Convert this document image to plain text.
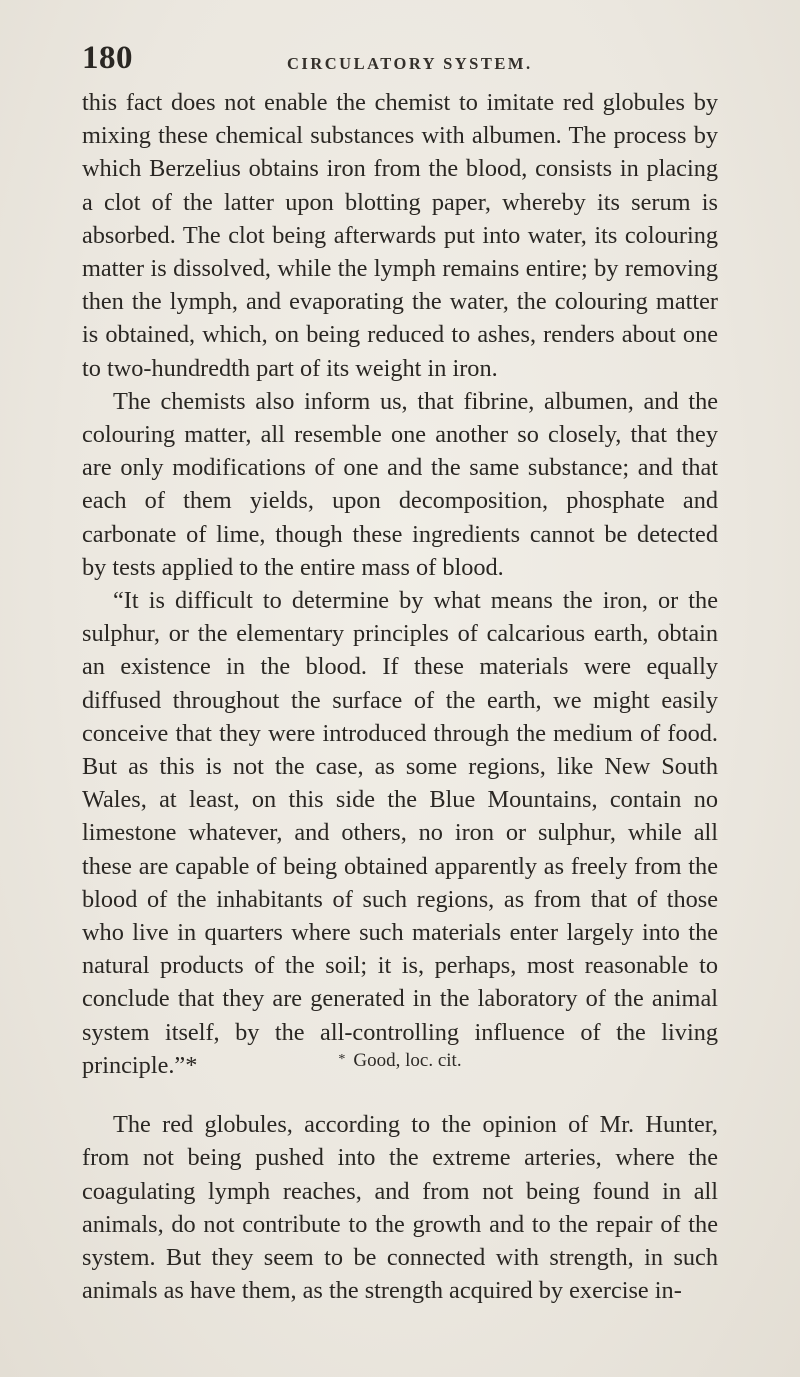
180	CIRCULATORY SYSTEM.

this fact does not enable the chemist to imitate red globules by mixing these chemical substances with albumen. The process by which Berzelius obtains iron from the blood, consists in placing a clot of the latter upon blotting paper, whereby its serum is absorbed. The clot being afterwards put into water, its colouring matter is dissolved, while the lymph remains entire; by removing then the lymph, and evaporating the water, the colouring matter is obtained, which, on being reduced to ashes, renders about one to two-hundredth part of its weight in iron.

The chemists also inform us, that fibrine, albumen, and the colouring matter, all resemble one another so closely, that they are only modifications of one and the same substance; and that each of them yields, upon decomposition, phosphate and carbonate of lime, though these ingredients cannot be detected by tests applied to the entire mass of blood.

“It is difficult to determine by what means the iron, or the sulphur, or the elementary principles of calcarious earth, obtain an existence in the blood. If these materials were equally diffused throughout the surface of the earth, we might easily conceive that they were introduced through the medium of food. But as this is not the case, as some regions, like New South Wales, at least, on this side the Blue Mountains, contain no limestone whatever, and others, no iron or sulphur, while all these are capable of being obtained apparently as freely from the blood of the inhabitants of such regions, as from that of those who live in quarters where such materials enter largely into the natural products of the soil; it is, perhaps, most reasonable to conclude that they are generated in the laboratory of the animal system itself, by the all-controlling influence of the living principle.”*

The red globules, according to the opinion of Mr. Hunter, from not being pushed into the extreme arteries, where the coagulating lymph reaches, and from not being found in all animals, do not contribute to the growth and to the repair of the system. But they seem to be connected with strength, in such animals as have them, as the strength acquired by exercise in-

* Good, loc. cit.
